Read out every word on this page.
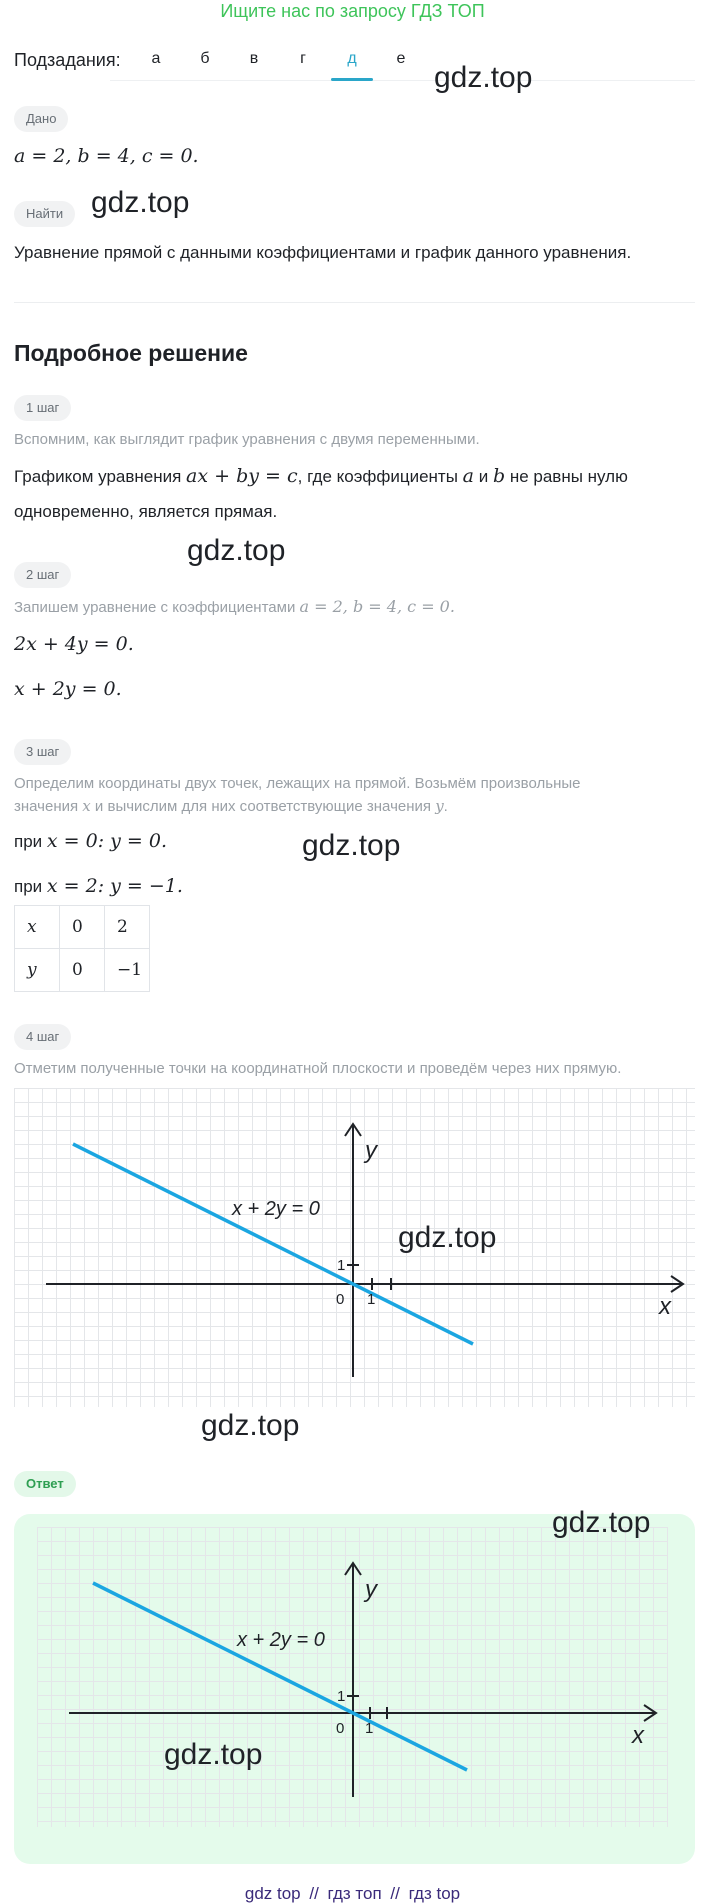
Ищите нас по запросу ГДЗ ТОП
Подзадания:	а	б	в	г	д	е
gdz.top
Дано
a = 2, b = 4, c = 0.
Найти gdz.top
Уравнение прямой с данными коэффициентами и график данного уравнения.
Подробное решение
1 шаг
Вспомним, как выглядит график уравнения с двумя переменными.
Графиком уравнения ax + by = c, где коэффициенты a и b не равны нулю
одновременно, является прямая.
gdz.top
2 шаг
Запишем уравнение с коэффициентами a = 2, b = 4, c = 0.
2x + 4y = 0.
x + 2y = 0.
3 шаг
Определим координаты двух точек, лежащих на прямой. Возьмём произвольные
значения x и вычислим для них соответствующие значения y.
при x = 0: y = 0.	gdz.top
при x = 2: y = −1.
x	0	2
y	0	−1
4 шаг
Отметим полученные точки на координатной плоскости и проведём через них прямую.
1
0 1
y
x
x + 2y = 0
gdz.top
gdz.top
Ответ
1
0 1
y
x
x + 2y = 0
gdz.top
gdz.top
gdz top // гдз топ // гдз top
